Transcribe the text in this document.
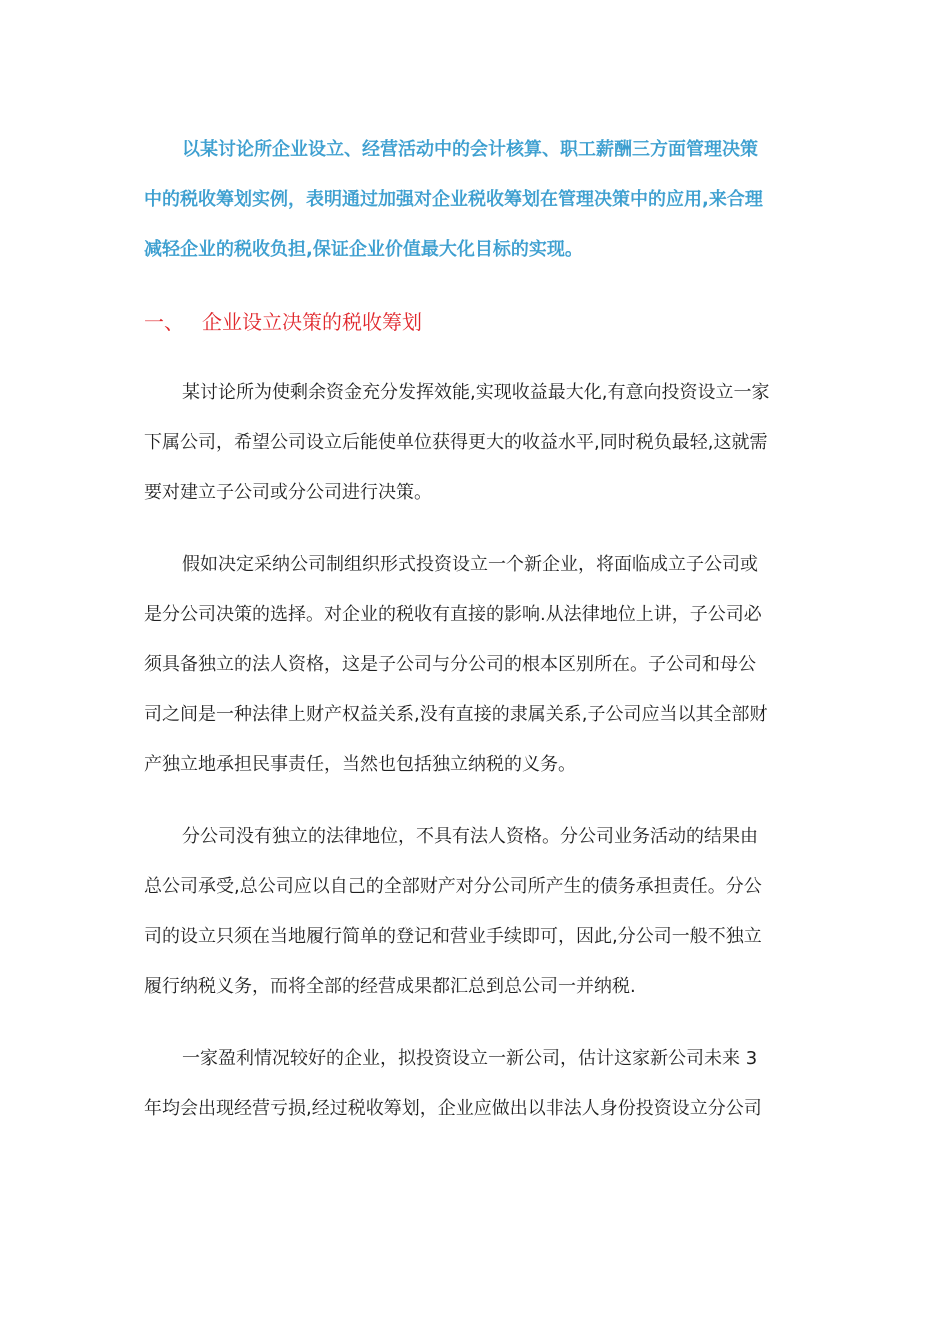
以某讨论所企业设立、经营活动中的会计核算、职工薪酬三方面管理决策
中的税收筹划实例，表明通过加强对企业税收筹划在管理决策中的应用,来合理
减轻企业的税收负担,保证企业价值最大化目标的实现。
一、 企业设立决策的税收筹划
某讨论所为使剩余资金充分发挥效能,实现收益最大化,有意向投资设立一家
下属公司，希望公司设立后能使单位获得更大的收益水平,同时税负最轻,这就需
要对建立子公司或分公司进行决策。
假如决定采纳公司制组织形式投资设立一个新企业，将面临成立子公司或
是分公司决策的选择。对企业的税收有直接的影响.从法律地位上讲，子公司必
须具备独立的法人资格，这是子公司与分公司的根本区别所在。子公司和母公
司之间是一种法律上财产权益关系,没有直接的隶属关系,子公司应当以其全部财
产独立地承担民事责任，当然也包括独立纳税的义务。
分公司没有独立的法律地位，不具有法人资格。分公司业务活动的结果由
总公司承受,总公司应以自己的全部财产对分公司所产生的债务承担责任。分公
司的设立只须在当地履行简单的登记和营业手续即可，因此,分公司一般不独立
履行纳税义务，而将全部的经营成果都汇总到总公司一并纳税.
一家盈利情况较好的企业，拟投资设立一新公司，估计这家新公司未来 3
年均会出现经营亏损,经过税收筹划，企业应做出以非法人身份投资设立分公司
